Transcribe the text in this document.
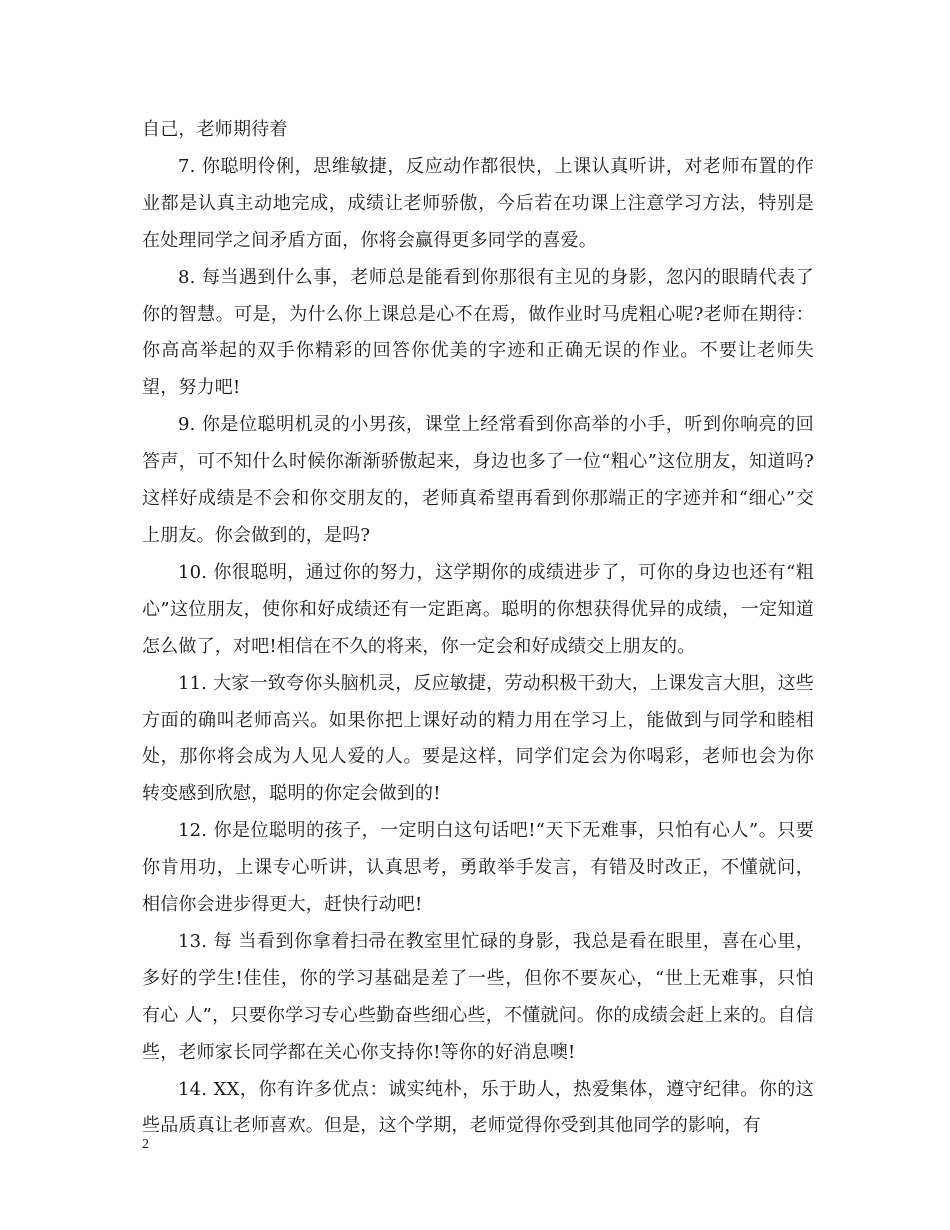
自己，老师期待着

7. 你聪明伶俐，思维敏捷，反应动作都很快，上课认真听讲，对老师布置的作业都是认真主动地完成，成绩让老师骄傲，今后若在功课上注意学习方法，特别是在处理同学之间矛盾方面，你将会赢得更多同学的喜爱。

8. 每当遇到什么事，老师总是能看到你那很有主见的身影，忽闪的眼睛代表了你的智慧。可是，为什么你上课总是心不在焉，做作业时马虎粗心呢?老师在期待：你高高举起的双手你精彩的回答你优美的字迹和正确无误的作业。不要让老师失望，努力吧!

9. 你是位聪明机灵的小男孩，课堂上经常看到你高举的小手，听到你响亮的回答声，可不知什么时候你渐渐骄傲起来，身边也多了一位“粗心”这位朋友，知道吗?这样好成绩是不会和你交朋友的，老师真希望再看到你那端正的字迹并和“细心”交上朋友。你会做到的，是吗?

10. 你很聪明，通过你的努力，这学期你的成绩进步了，可你的身边也还有“粗心”这位朋友，使你和好成绩还有一定距离。聪明的你想获得优异的成绩，一定知道怎么做了，对吧!相信在不久的将来，你一定会和好成绩交上朋友的。

11. 大家一致夸你头脑机灵，反应敏捷，劳动积极干劲大，上课发言大胆，这些方面的确叫老师高兴。如果你把上课好动的精力用在学习上，能做到与同学和睦相处，那你将会成为人见人爱的人。要是这样，同学们定会为你喝彩，老师也会为你转变感到欣慰，聪明的你定会做到的!

12. 你是位聪明的孩子，一定明白这句话吧!“天下无难事，只怕有心人”。只要你肯用功，上课专心听讲，认真思考，勇敢举手发言，有错及时改正，不懂就问，相信你会进步得更大，赶快行动吧!

13. 每 当看到你拿着扫帚在教室里忙碌的身影，我总是看在眼里，喜在心里，多好的学生!佳佳，你的学习基础是差了一些，但你不要灰心，“世上无难事，只怕有心 人”，只要你学习专心些勤奋些细心些，不懂就问。你的成绩会赶上来的。自信些，老师家长同学都在关心你支持你!等你的好消息噢!

14. XX，你有许多优点：诚实纯朴，乐于助人，热爱集体，遵守纪律。你的这些品质真让老师喜欢。但是，这个学期，老师觉得你受到其他同学的影响，有

2
